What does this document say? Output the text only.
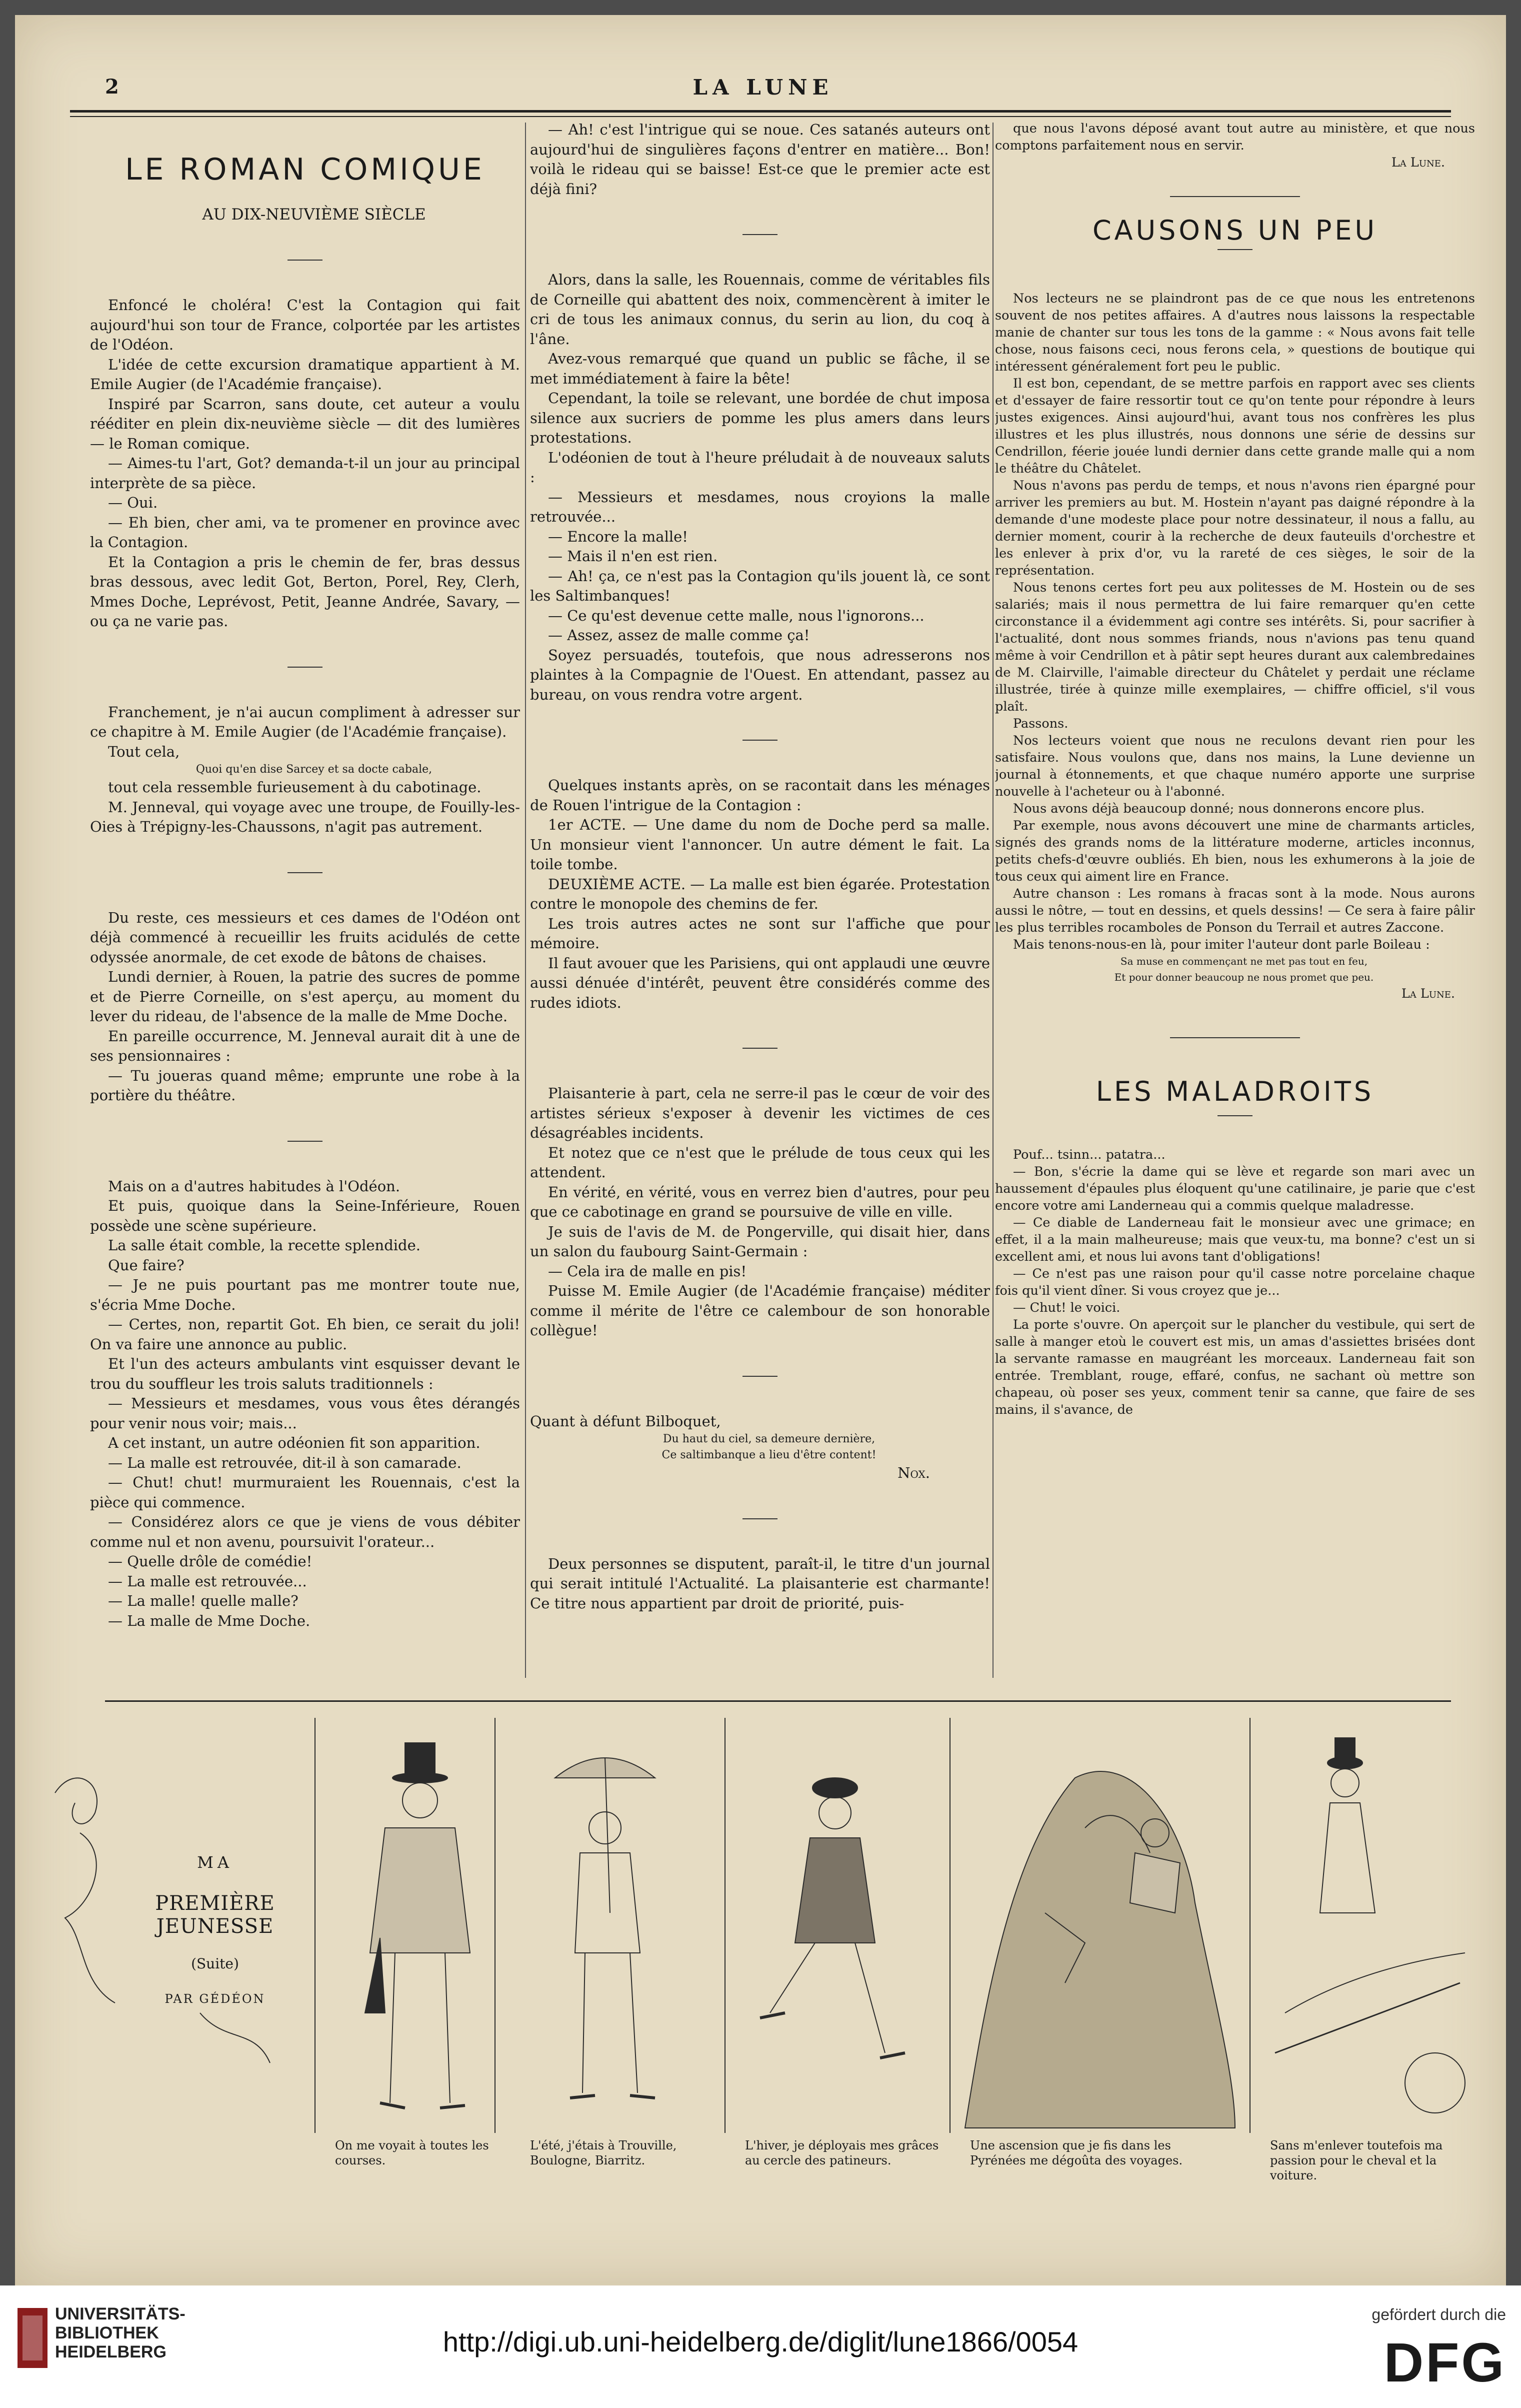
2	LA LUNE
LE ROMAN COMIQUE

AU DIX-NEUVIÈME SIÈCLE

Enfoncé le choléra! C'est la Contagion qui fait aujourd'hui son tour de France, colportée par les artistes de l'Odéon.

L'idée de cette excursion dramatique appartient à M. Emile Augier (de l'Académie française).

Inspiré par Scarron, sans doute, cet auteur a voulu rééditer en plein dix-neuvième siècle — dit des lumières — le Roman comique.

— Aimes-tu l'art, Got? demanda-t-il un jour au principal interprète de sa pièce.

— Oui.

— Eh bien, cher ami, va te promener en province avec la Contagion.

Et la Contagion a pris le chemin de fer, bras dessus bras dessous, avec ledit Got, Berton, Porel, Rey, Clerh, Mmes Doche, Leprévost, Petit, Jeanne Andrée, Savary, — ou ça ne varie pas.

Franchement, je n'ai aucun compliment à adresser sur ce chapitre à M. Emile Augier (de l'Académie française).

Tout cela,

Quoi qu'en dise Sarcey et sa docte cabale,

tout cela ressemble furieusement à du cabotinage.

M. Jenneval, qui voyage avec une troupe, de Fouilly-les-Oies à Trépigny-les-Chaussons, n'agit pas autrement.

Du reste, ces messieurs et ces dames de l'Odéon ont déjà commencé à recueillir les fruits acidulés de cette odyssée anormale, de cet exode de bâtons de chaises.

Lundi dernier, à Rouen, la patrie des sucres de pomme et de Pierre Corneille, on s'est aperçu, au moment du lever du rideau, de l'absence de la malle de Mme Doche.

En pareille occurrence, M. Jenneval aurait dit à une de ses pensionnaires :

— Tu joueras quand même; emprunte une robe à la portière du théâtre.

Mais on a d'autres habitudes à l'Odéon.

Et puis, quoique dans la Seine-Inférieure, Rouen possède une scène supérieure.

La salle était comble, la recette splendide.

Que faire?

— Je ne puis pourtant pas me montrer toute nue, s'écria Mme Doche.

— Certes, non, repartit Got. Eh bien, ce serait du joli! On va faire une annonce au public.

Et l'un des acteurs ambulants vint esquisser devant le trou du souffleur les trois saluts traditionnels :

— Messieurs et mesdames, vous vous êtes dérangés pour venir nous voir; mais...

A cet instant, un autre odéonien fit son apparition.

— La malle est retrouvée, dit-il à son camarade.

— Chut! chut! murmuraient les Rouennais, c'est la pièce qui commence.

— Considérez alors ce que je viens de vous débiter comme nul et non avenu, poursuivit l'orateur...

— Quelle drôle de comédie!

— La malle est retrouvée...

— La malle! quelle malle?

— La malle de Mme Doche.

— Ah! c'est l'intrigue qui se noue. Ces satanés auteurs ont aujourd'hui de singulières façons d'entrer en matière... Bon! voilà le rideau qui se baisse! Est-ce que le premier acte est déjà fini?

Alors, dans la salle, les Rouennais, comme de véritables fils de Corneille qui abattent des noix, commencèrent à imiter le cri de tous les animaux connus, du serin au lion, du coq à l'âne.

Avez-vous remarqué que quand un public se fâche, il se met immédiatement à faire la bête!

Cependant, la toile se relevant, une bordée de chut imposa silence aux sucriers de pomme les plus amers dans leurs protestations.

L'odéonien de tout à l'heure préludait à de nouveaux saluts :

— Messieurs et mesdames, nous croyions la malle retrouvée...

— Encore la malle!

— Mais il n'en est rien.

— Ah! ça, ce n'est pas la Contagion qu'ils jouent là, ce sont les Saltimbanques!

— Ce qu'est devenue cette malle, nous l'ignorons...

— Assez, assez de malle comme ça!

Soyez persuadés, toutefois, que nous adresserons nos plaintes à la Compagnie de l'Ouest. En attendant, passez au bureau, on vous rendra votre argent.

Quelques instants après, on se racontait dans les ménages de Rouen l'intrigue de la Contagion :

1er ACTE. — Une dame du nom de Doche perd sa malle. Un monsieur vient l'annoncer. Un autre dément le fait. La toile tombe.

DEUXIÈME ACTE. — La malle est bien égarée. Protestation contre le monopole des chemins de fer.

Les trois autres actes ne sont sur l'affiche que pour mémoire.

Il faut avouer que les Parisiens, qui ont applaudi une œuvre aussi dénuée d'intérêt, peuvent être considérés comme des rudes idiots.

Plaisanterie à part, cela ne serre-il pas le cœur de voir des artistes sérieux s'exposer à devenir les victimes de ces désagréables incidents.

Et notez que ce n'est que le prélude de tous ceux qui les attendent.

En vérité, en vérité, vous en verrez bien d'autres, pour peu que ce cabotinage en grand se poursuive de ville en ville.

Je suis de l'avis de M. de Pongerville, qui disait hier, dans un salon du faubourg Saint-Germain :

— Cela ira de malle en pis!

Puisse M. Emile Augier (de l'Académie française) méditer comme il mérite de l'être ce calembour de son honorable collègue!

Quant à défunt Bilboquet,

Du haut du ciel, sa demeure dernière,

Ce saltimbanque a lieu d'être content!

Nox.

Deux personnes se disputent, paraît-il, le titre d'un journal qui serait intitulé l'Actualité. La plaisanterie est charmante! Ce titre nous appartient par droit de priorité, puis-

que nous l'avons déposé avant tout autre au ministère, et que nous comptons parfaitement nous en servir.

La Lune.

CAUSONS UN PEU

Nos lecteurs ne se plaindront pas de ce que nous les entretenons souvent de nos petites affaires. A d'autres nous laissons la respectable manie de chanter sur tous les tons de la gamme : « Nous avons fait telle chose, nous faisons ceci, nous ferons cela, » questions de boutique qui intéressent généralement fort peu le public.

Il est bon, cependant, de se mettre parfois en rapport avec ses clients et d'essayer de faire ressortir tout ce qu'on tente pour répondre à leurs justes exigences. Ainsi aujourd'hui, avant tous nos confrères les plus illustres et les plus illustrés, nous donnons une série de dessins sur Cendrillon, féerie jouée lundi dernier dans cette grande malle qui a nom le théâtre du Châtelet.

Nous n'avons pas perdu de temps, et nous n'avons rien épargné pour arriver les premiers au but. M. Hostein n'ayant pas daigné répondre à la demande d'une modeste place pour notre dessinateur, il nous a fallu, au dernier moment, courir à la recherche de deux fauteuils d'orchestre et les enlever à prix d'or, vu la rareté de ces sièges, le soir de la représentation.

Nous tenons certes fort peu aux politesses de M. Hostein ou de ses salariés; mais il nous permettra de lui faire remarquer qu'en cette circonstance il a évidemment agi contre ses intérêts. Si, pour sacrifier à l'actualité, dont nous sommes friands, nous n'avions pas tenu quand même à voir Cendrillon et à pâtir sept heures durant aux calembredaines de M. Clairville, l'aimable directeur du Châtelet y perdait une réclame illustrée, tirée à quinze mille exemplaires, — chiffre officiel, s'il vous plaît.

Passons.

Nos lecteurs voient que nous ne reculons devant rien pour les satisfaire. Nous voulons que, dans nos mains, la Lune devienne un journal à étonnements, et que chaque numéro apporte une surprise nouvelle à l'acheteur ou à l'abonné.

Nous avons déjà beaucoup donné; nous donnerons encore plus.

Par exemple, nous avons découvert une mine de charmants articles, signés des grands noms de la littérature moderne, articles inconnus, petits chefs-d'œuvre oubliés. Eh bien, nous les exhumerons à la joie de tous ceux qui aiment lire en France.

Autre chanson : Les romans à fracas sont à la mode. Nous aurons aussi le nôtre, — tout en dessins, et quels dessins! — Ce sera à faire pâlir les plus terribles rocamboles de Ponson du Terrail et autres Zaccone.

Mais tenons-nous-en là, pour imiter l'auteur dont parle Boileau :

Sa muse en commençant ne met pas tout en feu,

Et pour donner beaucoup ne nous promet que peu.

La Lune.

LES MALADROITS

Pouf... tsinn... patatra...

— Bon, s'écrie la dame qui se lève et regarde son mari avec un haussement d'épaules plus éloquent qu'une catilinaire, je parie que c'est encore votre ami Landerneau qui a commis quelque maladresse.

— Ce diable de Landerneau fait le monsieur avec une grimace; en effet, il a la main malheureuse; mais que veux-tu, ma bonne? c'est un si excellent ami, et nous lui avons tant d'obligations!

— Ce n'est pas une raison pour qu'il casse notre porcelaine chaque fois qu'il vient dîner. Si vous croyez que je...

— Chut! le voici.

La porte s'ouvre. On aperçoit sur le plancher du vestibule, qui sert de salle à manger etoù le couvert est mis, un amas d'assiettes brisées dont la servante ramasse en maugréant les morceaux. Landerneau fait son entrée. Tremblant, rouge, effaré, confus, ne sachant où mettre son chapeau, où poser ses yeux, comment tenir sa canne, que faire de ses mains, il s'avance, de

MA
PREMIÈRE JEUNESSE
(Suite)
PAR GÉDÉON
On me voyait à toutes les courses.
L'été, j'étais à Trouville, Boulogne, Biarritz.
L'hiver, je déployais mes grâces au cercle des patineurs.
Une ascension que je fis dans les Pyrénées me dégoûta des voyages.
Sans m'enlever toutefois ma passion pour le cheval et la voiture.
UNIVERSITÄTS-
BIBLIOTHEK
HEIDELBERG	http://digi.ub.uni-heidelberg.de/diglit/lune1866/0054
gefördert durch die
DFG
